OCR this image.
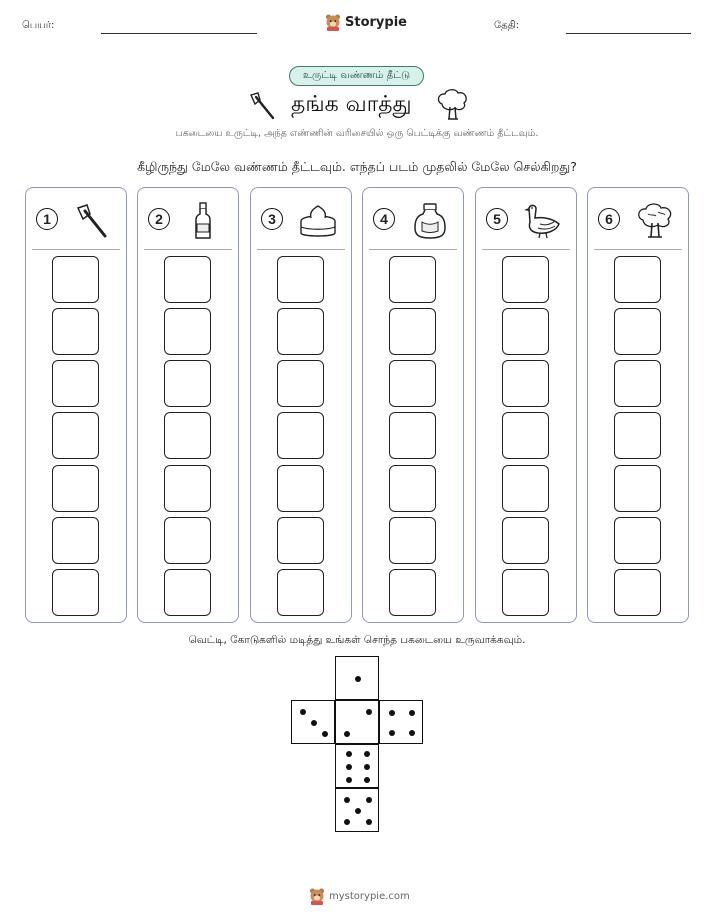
பெயர்:	Storypie	தேதி:
உருட்டி வண்ணம் தீட்டு
தங்க வாத்து
பகடையை உருட்டி, அந்த எண்ணின் வரிசையில் ஒரு பெட்டிக்கு வண்ணம் தீட்டவும்.
கீழிருந்து மேலே வண்ணம் தீட்டவும். எந்தப் படம் முதலில் மேலே செல்கிறது?
1	2	3	4	5	6
வெட்டி, கோடுகளில் மடித்து உங்கள் சொந்த பகடையை உருவாக்கவும்.
mystorypie.com
